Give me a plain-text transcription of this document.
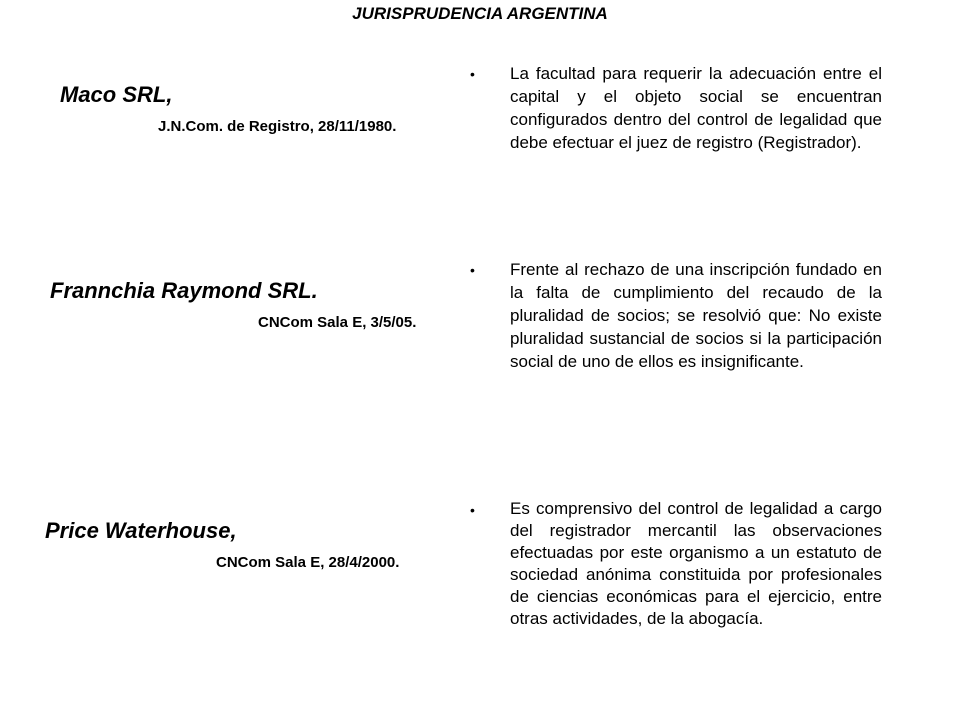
JURISPRUDENCIA ARGENTINA
Maco SRL,
J.N.Com. de Registro, 28/11/1980.
• La facultad para requerir la adecuación entre el capital y el objeto social se encuentran configurados dentro del control de legalidad que debe efectuar el juez de registro (Registrador).
Frannchia Raymond SRL.
CNCom Sala E, 3/5/05.
• Frente al rechazo de una inscripción fundado en la falta de cumplimiento del recaudo de la pluralidad de socios; se resolvió que: No existe pluralidad sustancial de socios si la participación social de uno de ellos es insignificante.
Price Waterhouse,
CNCom Sala E, 28/4/2000.
• Es comprensivo del control de legalidad a cargo del registrador mercantil las observaciones efectuadas por este organismo a un estatuto de sociedad anónima constituida por profesionales de ciencias económicas para el ejercicio, entre otras actividades, de la abogacía.
